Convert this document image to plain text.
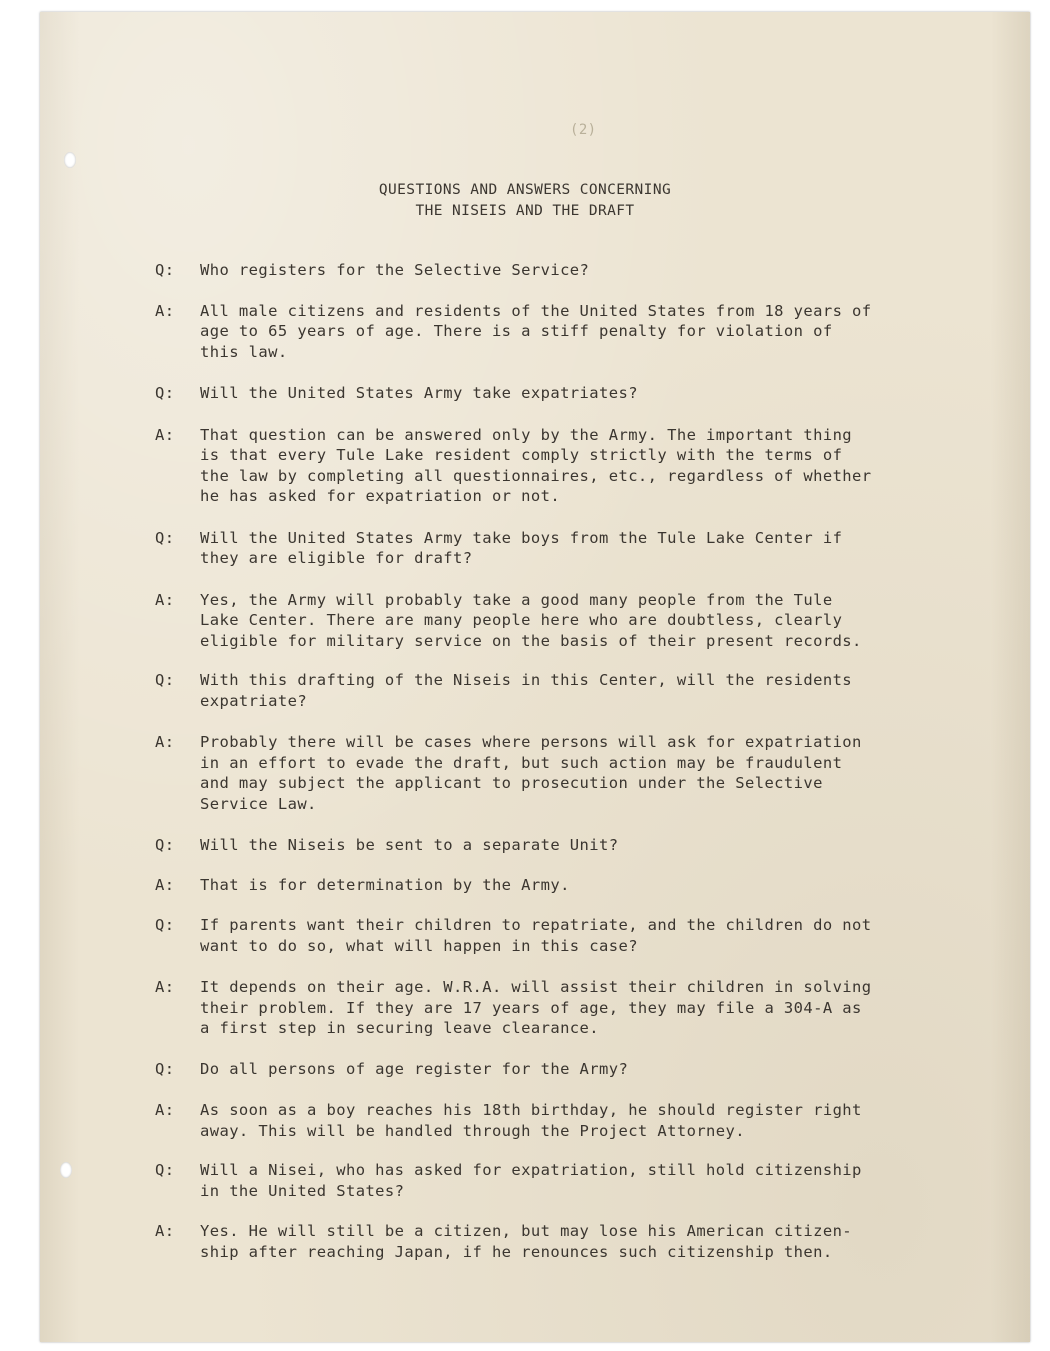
(2)
QUESTIONS AND ANSWERS CONCERNING
THE NISEIS AND THE DRAFT
Q:	Who registers for the Selective Service?
A:	All male citizens and residents of the United States from 18 years of
age to 65 years of age. There is a stiff penalty for violation of
this law.
Q:	Will the United States Army take expatriates?
A:	That question can be answered only by the Army. The important thing
is that every Tule Lake resident comply strictly with the terms of
the law by completing all questionnaires, etc., regardless of whether
he has asked for expatriation or not.
Q:	Will the United States Army take boys from the Tule Lake Center if
they are eligible for draft?
A:	Yes, the Army will probably take a good many people from the Tule
Lake Center. There are many people here who are doubtless, clearly
eligible for military service on the basis of their present records.
Q:	With this drafting of the Niseis in this Center, will the residents
expatriate?
A:	Probably there will be cases where persons will ask for expatriation
in an effort to evade the draft, but such action may be fraudulent
and may subject the applicant to prosecution under the Selective
Service Law.
Q:	Will the Niseis be sent to a separate Unit?
A:	That is for determination by the Army.
Q:	If parents want their children to repatriate, and the children do not
want to do so, what will happen in this case?
A:	It depends on their age. W.R.A. will assist their children in solving
their problem. If they are 17 years of age, they may file a 304-A as
a first step in securing leave clearance.
Q:	Do all persons of age register for the Army?
A:	As soon as a boy reaches his 18th birthday, he should register right
away. This will be handled through the Project Attorney.
Q:	Will a Nisei, who has asked for expatriation, still hold citizenship
in the United States?
A:	Yes. He will still be a citizen, but may lose his American citizen-
ship after reaching Japan, if he renounces such citizenship then.
